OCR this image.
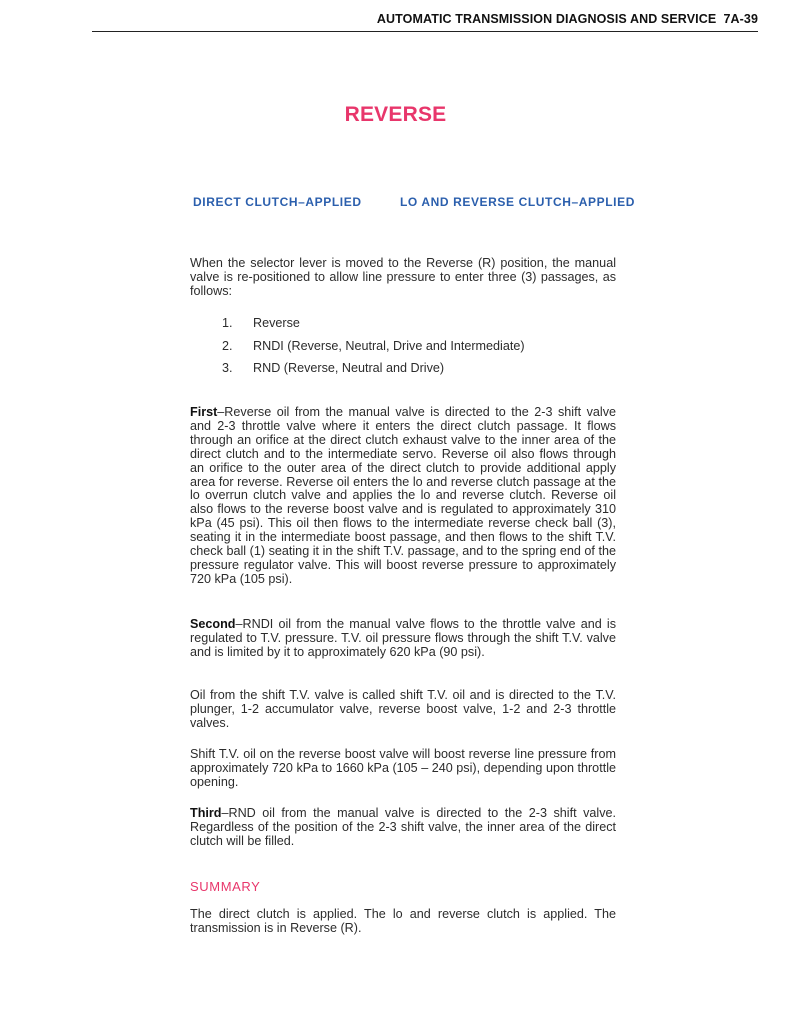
AUTOMATIC TRANSMISSION DIAGNOSIS AND SERVICE 7A-39
REVERSE
DIRECT CLUTCH–APPLIED	LO AND REVERSE CLUTCH–APPLIED
When the selector lever is moved to the Reverse (R) position, the manual valve is re-positioned to allow line pressure to enter three (3) passages, as follows:
1.	Reverse
2.	RNDI (Reverse, Neutral, Drive and Intermediate)
3.	RND (Reverse, Neutral and Drive)
First–Reverse oil from the manual valve is directed to the 2-3 shift valve and 2-3 throttle valve where it enters the direct clutch passage. It flows through an orifice at the direct clutch exhaust valve to the inner area of the direct clutch and to the intermediate servo. Reverse oil also flows through an orifice to the outer area of the direct clutch to provide additional apply area for reverse. Reverse oil enters the lo and reverse clutch passage at the lo overrun clutch valve and applies the lo and reverse clutch. Reverse oil also flows to the reverse boost valve and is regulated to approximately 310 kPa (45 psi). This oil then flows to the intermediate reverse check ball (3), seating it in the intermediate boost passage, and then flows to the shift T.V. check ball (1) seating it in the shift T.V. passage, and to the spring end of the pressure regulator valve. This will boost reverse pressure to approximately 720 kPa (105 psi).
Second–RNDI oil from the manual valve flows to the throttle valve and is regulated to T.V. pressure. T.V. oil pressure flows through the shift T.V. valve and is limited by it to approximately 620 kPa (90 psi).
Oil from the shift T.V. valve is called shift T.V. oil and is directed to the T.V. plunger, 1-2 accumulator valve, reverse boost valve, 1-2 and 2-3 throttle valves.
Shift T.V. oil on the reverse boost valve will boost reverse line pressure from approximately 720 kPa to 1660 kPa (105 – 240 psi), depending upon throttle opening.
Third–RND oil from the manual valve is directed to the 2-3 shift valve. Regardless of the position of the 2-3 shift valve, the inner area of the direct clutch will be filled.
SUMMARY
The direct clutch is applied. The lo and reverse clutch is applied. The transmission is in Reverse (R).
